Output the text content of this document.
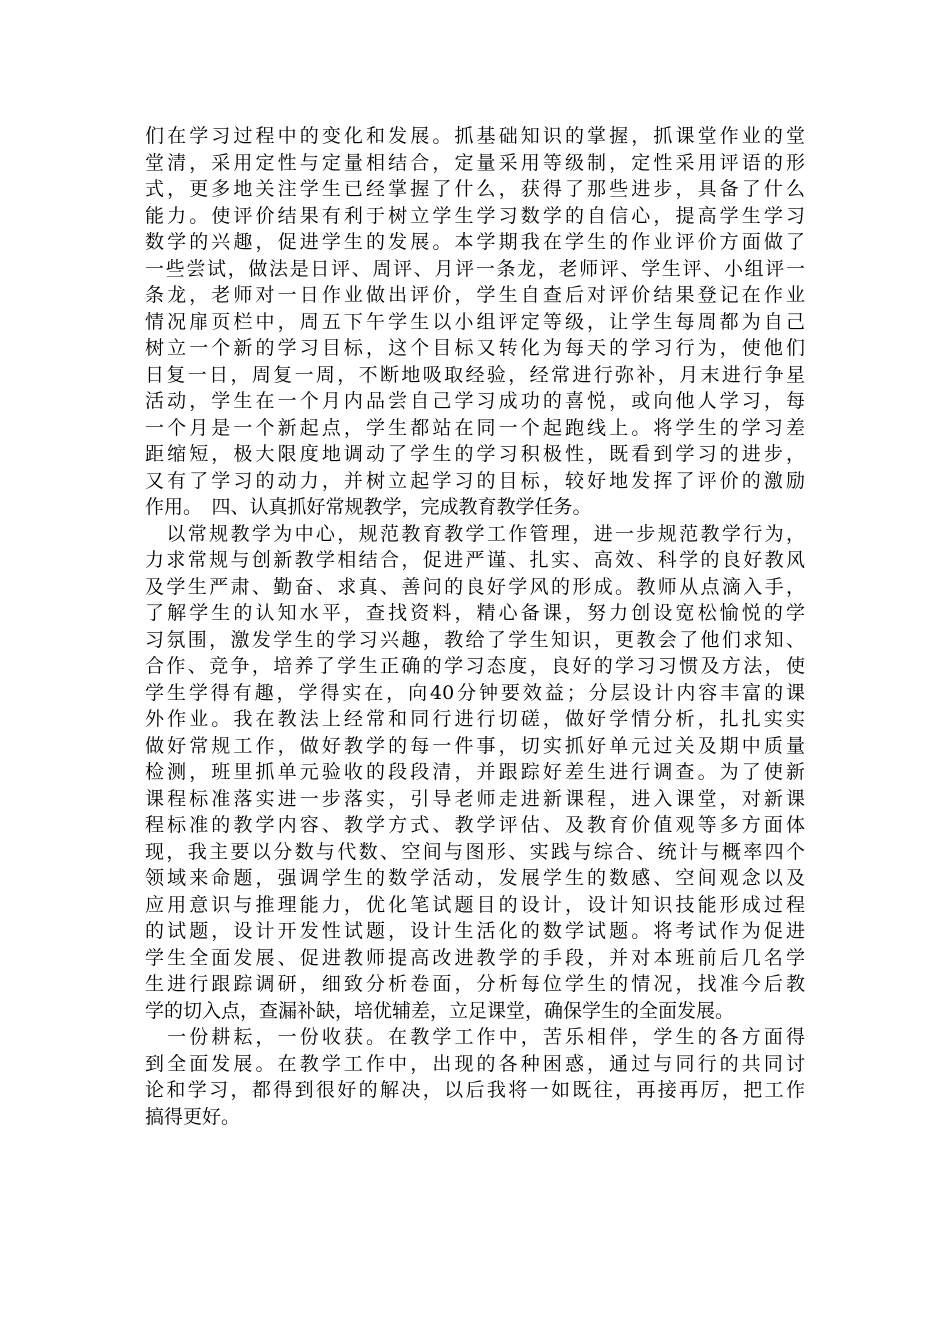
们在学习过程中的变化和发展。抓基础知识的掌握，抓课堂作业的堂
堂清，采用定性与定量相结合，定量采用等级制，定性采用评语的形
式，更多地关注学生已经掌握了什么，获得了那些进步，具备了什么
能力。使评价结果有利于树立学生学习数学的自信心，提高学生学习
数学的兴趣，促进学生的发展。本学期我在学生的作业评价方面做了
一些尝试，做法是日评、周评、月评一条龙，老师评、学生评、小组评一
条龙，老师对一日作业做出评价，学生自查后对评价结果登记在作业
情况扉页栏中，周五下午学生以小组评定等级，让学生每周都为自己
树立一个新的学习目标，这个目标又转化为每天的学习行为，使他们
日复一日，周复一周，不断地吸取经验，经常进行弥补，月末进行争星
活动，学生在一个月内品尝自己学习成功的喜悦，或向他人学习，每
一个月是一个新起点，学生都站在同一个起跑线上。将学生的学习差
距缩短，极大限度地调动了学生的学习积极性，既看到学习的进步，
又有了学习的动力，并树立起学习的目标，较好地发挥了评价的激励
作用。　四、认真抓好常规教学，完成教育教学任务。
　以常规教学为中心，规范教育教学工作管理，进一步规范教学行为，
力求常规与创新教学相结合，促进严谨、扎实、高效、科学的良好教风
及学生严肃、勤奋、求真、善问的良好学风的形成。教师从点滴入手，
了解学生的认知水平，查找资料，精心备课，努力创设宽松愉悦的学
习氛围，激发学生的学习兴趣，教给了学生知识，更教会了他们求知、
合作、竞争，培养了学生正确的学习态度，良好的学习习惯及方法，使
学生学得有趣，学得实在，向40分钟要效益；分层设计内容丰富的课
外作业。我在教法上经常和同行进行切磋，做好学情分析，扎扎实实
做好常规工作，做好教学的每一件事，切实抓好单元过关及期中质量
检测，班里抓单元验收的段段清，并跟踪好差生进行调查。为了使新
课程标准落实进一步落实，引导老师走进新课程，进入课堂，对新课
程标准的教学内容、教学方式、教学评估、及教育价值观等多方面体
现，我主要以分数与代数、空间与图形、实践与综合、统计与概率四个
领域来命题，强调学生的数学活动，发展学生的数感、空间观念以及
应用意识与推理能力，优化笔试题目的设计，设计知识技能形成过程
的试题，设计开发性试题，设计生活化的数学试题。将考试作为促进
学生全面发展、促进教师提高改进教学的手段，并对本班前后几名学
生进行跟踪调研，细致分析卷面，分析每位学生的情况，找准今后教
学的切入点，查漏补缺，培优辅差，立足课堂，确保学生的全面发展。
　一份耕耘，一份收获。在教学工作中，苦乐相伴，学生的各方面得
到全面发展。在教学工作中，出现的各种困惑，通过与同行的共同讨
论和学习，都得到很好的解决，以后我将一如既往，再接再厉，把工作
搞得更好。
